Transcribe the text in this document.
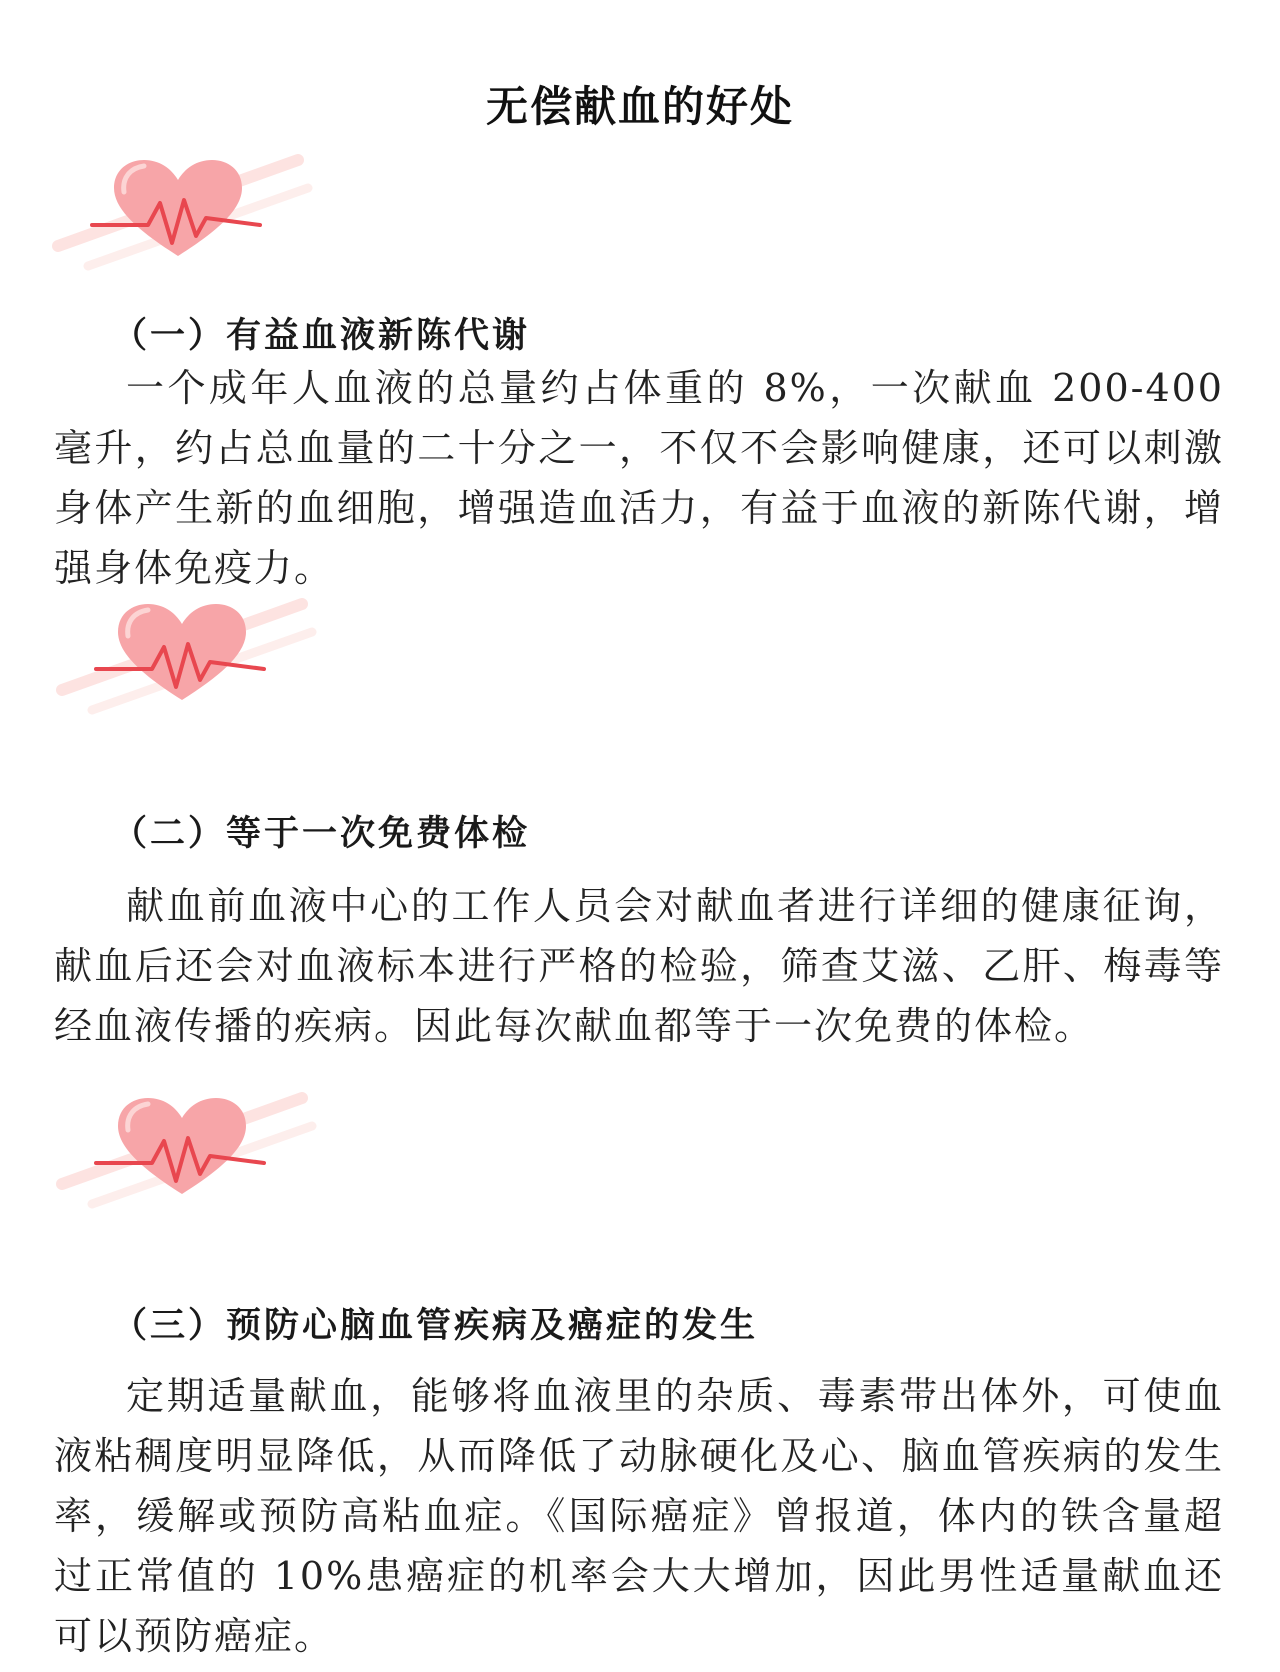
无偿献血的好处
（一）有益血液新陈代谢

一个成年人血液的总量约占体重的 8%，一次献血 200-400 毫升，约占总血量的二十分之一，不仅不会影响健康，还可以刺激身体产生新的血细胞，增强造血活力，有益于血液的新陈代谢，增强身体免疫力。

（二）等于一次免费体检

献血前血液中心的工作人员会对献血者进行详细的健康征询，献血后还会对血液标本进行严格的检验，筛查艾滋、乙肝、梅毒等经血液传播的疾病。因此每次献血都等于一次免费的体检。

（三）预防心脑血管疾病及癌症的发生

定期适量献血，能够将血液里的杂质、毒素带出体外，可使血液粘稠度明显降低，从而降低了动脉硬化及心、脑血管疾病的发生率，缓解或预防高粘血症。《国际癌症》曾报道，体内的铁含量超过正常值的 10%患癌症的机率会大大增加，因此男性适量献血还可以预防癌症。
